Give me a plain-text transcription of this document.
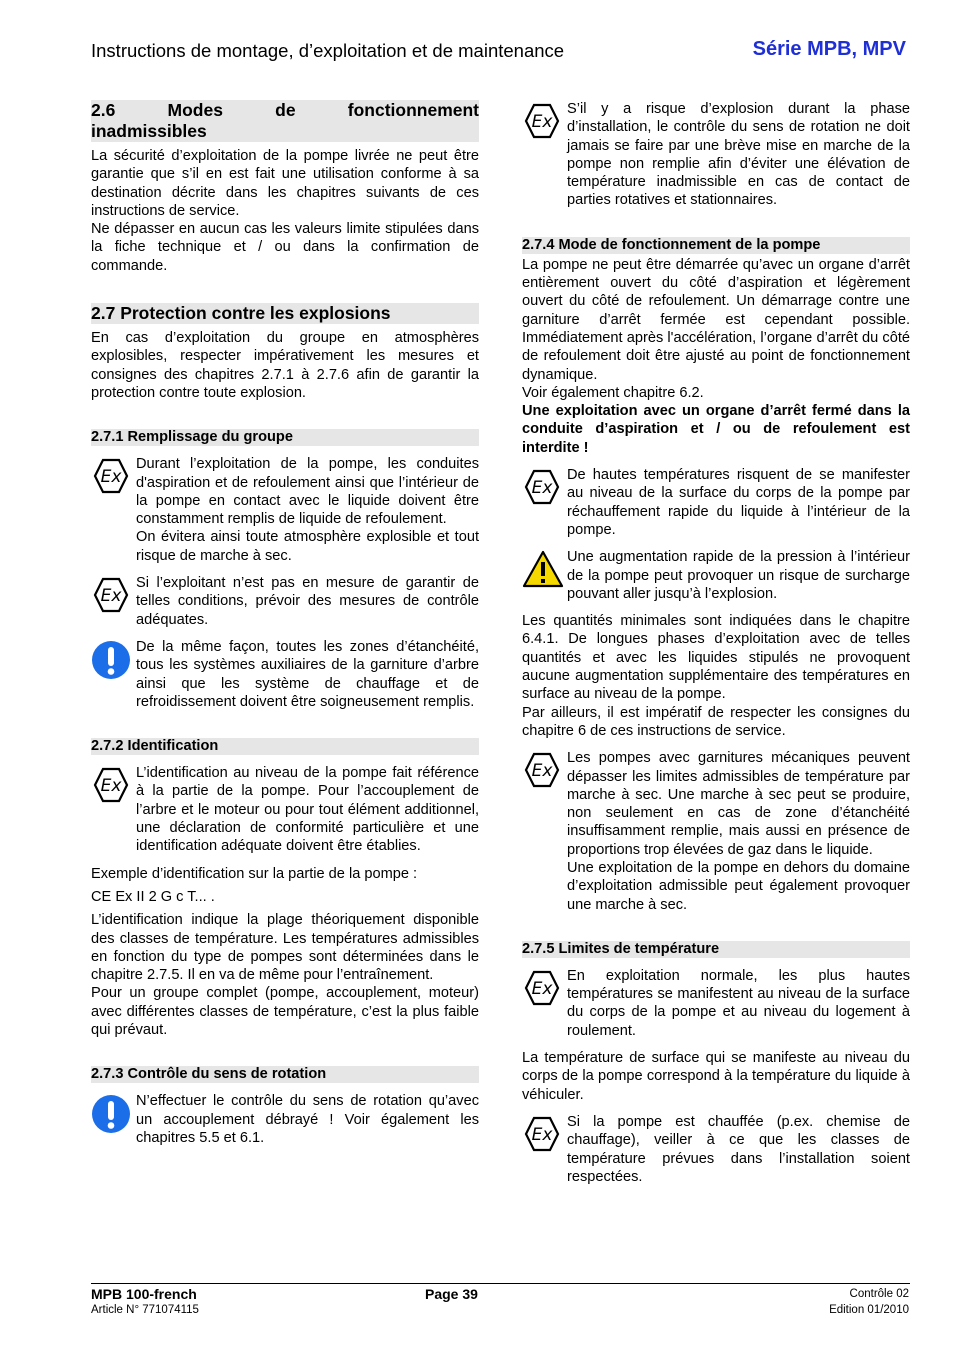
Instructions de montage, d’exploitation et de maintenance	Série MPB, MPV
2.6 Modes de fonctionnement
inadmissibles

La sécurité d’exploitation de la pompe livrée ne peut être garantie que s’il en est fait une utilisation conforme à sa destination décrite dans les chapitres suivants de ces instructions de service.

Ne dépasser en aucun cas les valeurs limite stipulées dans la fiche technique et / ou dans la confirmation de commande.

2.7 Protection contre les explosions

En cas d’exploitation du groupe en atmosphères explosibles, respecter impérativement les mesures et consignes des chapitres 2.7.1 à 2.7.6 afin de garantir la protection contre toute explosion.

2.7.1 Remplissage du groupe
Ex

Durant l’exploitation de la pompe, les conduites d'aspiration et de refoulement ainsi que l’intérieur de la pompe en contact avec le liquide doivent être constamment remplis de liquide de refoulement.

On évitera ainsi toute atmosphère explosible et tout risque de marche à sec.

Ex

Si l’exploitant n’est pas en mesure de garantir de telles conditions, prévoir des mesures de contrôle adéquates.

De la même façon, toutes les zones d’étanchéité, tous les systèmes auxiliaires de la garniture d’arbre ainsi que les système de chauffage et de refroidissement doivent être soigneusement remplis.

2.7.2 Identification
Ex

L’identification au niveau de la pompe fait référence à la partie de la pompe. Pour l’accouplement de l’arbre et le moteur ou pour tout élément additionnel, une déclaration de conformité particulière et une identification adéquate doivent être établies.

Exemple d’identification sur la partie de la pompe :

CE Ex II 2 G c T... .

L’identification indique la plage théoriquement disponible des classes de température. Les températures admissibles en fonction du type de pompes sont déterminées dans le chapitre 2.7.5. Il en va de même pour l’entraînement.

Pour un groupe complet (pompe, accouplement, moteur) avec différentes classes de température, c’est la plus faible qui prévaut.

2.7.3 Contrôle du sens de rotation

N’effectuer le contrôle du sens de rotation qu’avec un accouplement débrayé ! Voir également les chapitres 5.5 et 6.1.

Ex

S’il y a risque d’explosion durant la phase d’installation, le contrôle du sens de rotation ne doit jamais se faire par une brève mise en marche de la pompe non remplie afin d’éviter une élévation de température inadmissible en cas de contact de parties rotatives et stationnaires.

2.7.4 Mode de fonctionnement de la pompe

La pompe ne peut être démarrée qu’avec un organe d’arrêt entièrement ouvert du côté d’aspiration et légèrement ouvert du côté de refoulement. Un démarrage contre une garniture d’arrêt fermée est cependant possible. Immédiatement après l'accélération, l’organe d’arrêt du côté de refoulement doit être ajusté au point de fonctionnement dynamique.

Voir également chapitre 6.2.

Une exploitation avec un organe d’arrêt fermé dans la conduite d’aspiration et / ou de refoulement est interdite !

Ex

De hautes températures risquent de se manifester au niveau de la surface du corps de la pompe par réchauffement rapide du liquide à l’intérieur de la pompe.

Une augmentation rapide de la pression à l’intérieur de la pompe peut provoquer un risque de surcharge pouvant aller jusqu’à l’explosion.

Les quantités minimales sont indiquées dans le chapitre 6.4.1. De longues phases d’exploitation avec de telles quantités et avec les liquides stipulés ne provoquent aucune augmentation supplémentaire des températures en surface au niveau de la pompe.

Par ailleurs, il est impératif de respecter les consignes du chapitre 6 de ces instructions de service.

Ex

Les pompes avec garnitures mécaniques peuvent dépasser les limites admissibles de température par marche à sec. Une marche à sec peut se produire, non seulement en cas de zone d’étanchéité insuffisamment remplie, mais aussi en présence de proportions trop élevées de gaz dans le liquide.

Une exploitation de la pompe en dehors du domaine d’exploitation admissible peut également provoquer une marche à sec.

2.7.5 Limites de température
Ex

En exploitation normale, les plus hautes températures se manifestent au niveau de la surface du corps de la pompe et au niveau du logement à roulement.

La température de surface qui se manifeste au niveau du corps de la pompe correspond à la température du liquide à véhiculer.

Ex

Si la pompe est chauffée (p.ex. chemise de chauffage), veiller à ce que les classes de température prévues dans l’installation soient respectées.

MPB 100-french
Article N° 771074115
Page 39	Contrôle 02
Edition 01/2010
